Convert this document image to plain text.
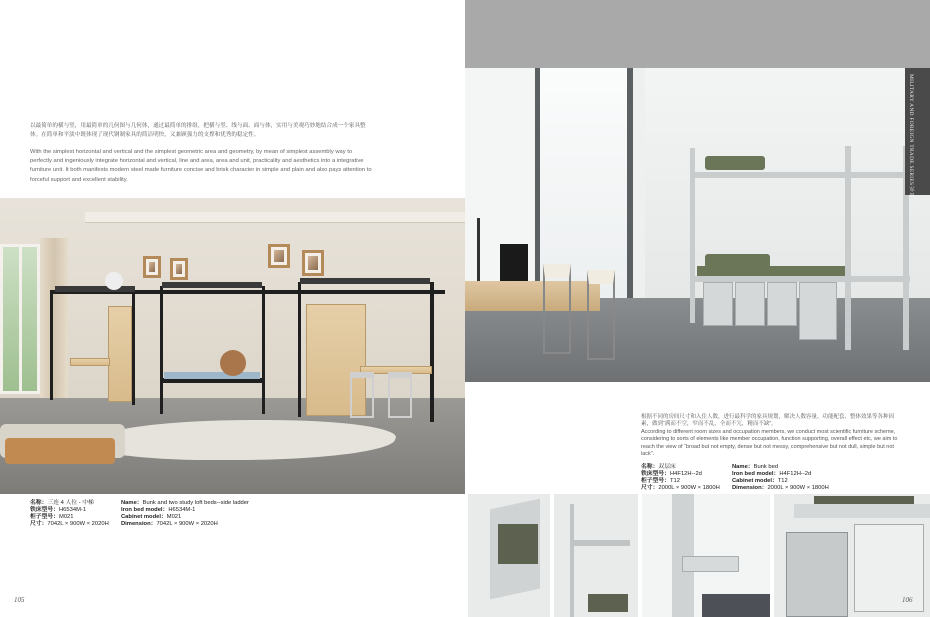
以最简单的横与竖，用最简单的几何图与几何体，通过最简单的排组，把横与竖、线与面、面与体，实用与美观巧妙地结合成一个家具整体。在简单和平淡中既体现了现代钢制家具的简洁明快，又兼顾强力的支撑和优秀的稳定性。
With the simplest horizontal and vertical and the simplest geometric area and geometry, by mean of simplest assembly way to perfectly and ingeniously integrate horizontal and vertical, line and area, area and unit, practicality and aesthetics into a integrative furniture unit. It both manifests modern steel made furniture concise and brisk character in simple and plain and also pays attention to forceful support and excellent stability.
名称：三连 4 人位 - 中梯
铁床型号：H6534M-1
柜子型号：M021
尺寸：7042L × 900W × 2020H
Name：Bunk and two study loft beds--side ladder
Iron bed model：H6534M-1
Cabinet model：M021
Dimension：7042L × 900W × 2020H
105
根据不同的房间尺寸和入住人数，进行最科学的家具规划，解决人数容量、功能配套、整体效果等各种因素，做到“满而不空，窄而不乱，全而不冗，精而不缺”。
According to different room sizes and occupation members, we conduct most scientific furniture scheme, considering to sorts of elements like member occupation, function supporting, overall effect etc, we aim to reach the view of “broad but not empty, dense but not messy, comprehensive but not dull, simple but not lack”.
名称：双层床
铁床型号：H4F12H--2d
柜子型号：T12
尺寸：2000L × 900W × 1800H
Name：Bunk bed
Iron bed model：H4F12H--2d
Cabinet model：T12
Dimension：2000L × 900W × 1800H
MILITARY AND FOREIGN TRADE SERIES 军用外贸系列
106
